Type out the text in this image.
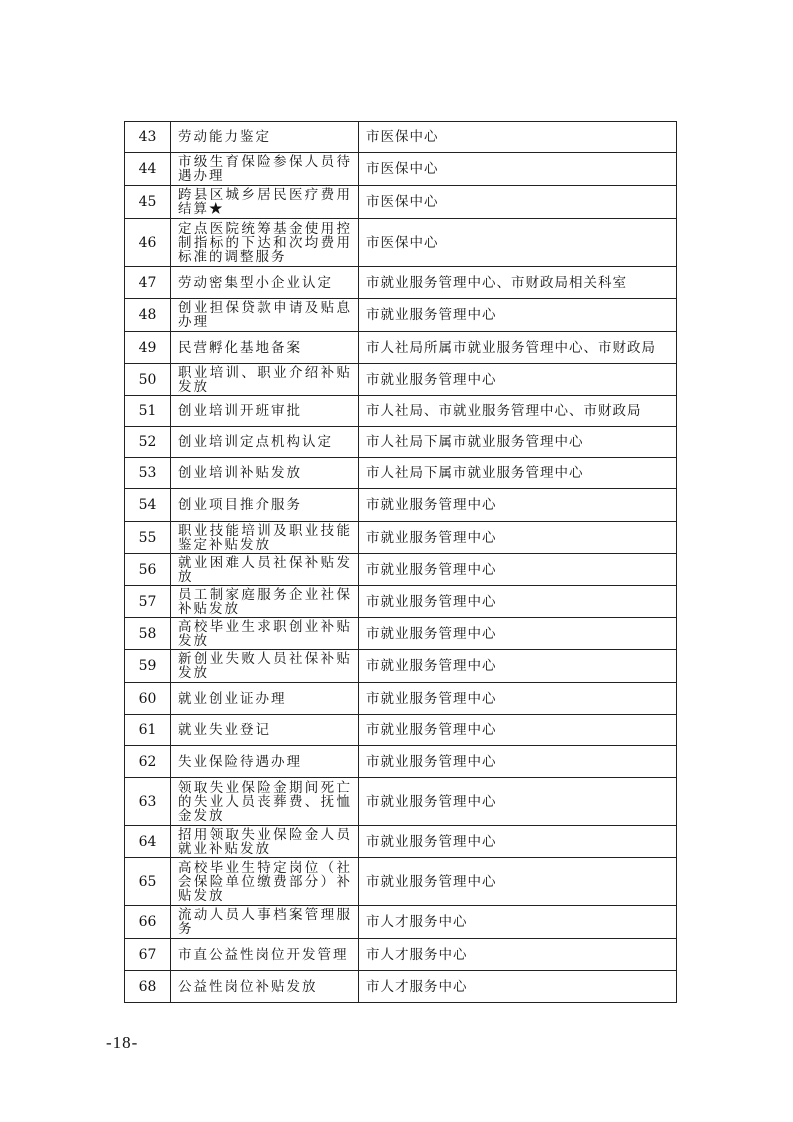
43	劳动能力鉴定	市医保中心
44	市级生育保险参保人员待遇办理	市医保中心
45	跨县区城乡居民医疗费用结算★	市医保中心
46	定点医院统筹基金使用控制指标的下达和次均费用标准的调整服务	市医保中心
47	劳动密集型小企业认定	市就业服务管理中心、市财政局相关科室
48	创业担保贷款申请及贴息办理	市就业服务管理中心
49	民营孵化基地备案	市人社局所属市就业服务管理中心、市财政局
50	职业培训、职业介绍补贴发放	市就业服务管理中心
51	创业培训开班审批	市人社局、市就业服务管理中心、市财政局
52	创业培训定点机构认定	市人社局下属市就业服务管理中心
53	创业培训补贴发放	市人社局下属市就业服务管理中心
54	创业项目推介服务	市就业服务管理中心
55	职业技能培训及职业技能鉴定补贴发放	市就业服务管理中心
56	就业困难人员社保补贴发放	市就业服务管理中心
57	员工制家庭服务企业社保补贴发放	市就业服务管理中心
58	高校毕业生求职创业补贴发放	市就业服务管理中心
59	新创业失败人员社保补贴发放	市就业服务管理中心
60	就业创业证办理	市就业服务管理中心
61	就业失业登记	市就业服务管理中心
62	失业保险待遇办理	市就业服务管理中心
63	领取失业保险金期间死亡的失业人员丧葬费、抚恤金发放	市就业服务管理中心
64	招用领取失业保险金人员就业补贴发放	市就业服务管理中心
65	高校毕业生特定岗位（社会保险单位缴费部分）补贴发放	市就业服务管理中心
66	流动人员人事档案管理服务	市人才服务中心
67	市直公益性岗位开发管理	市人才服务中心
68	公益性岗位补贴发放	市人才服务中心
-18-
